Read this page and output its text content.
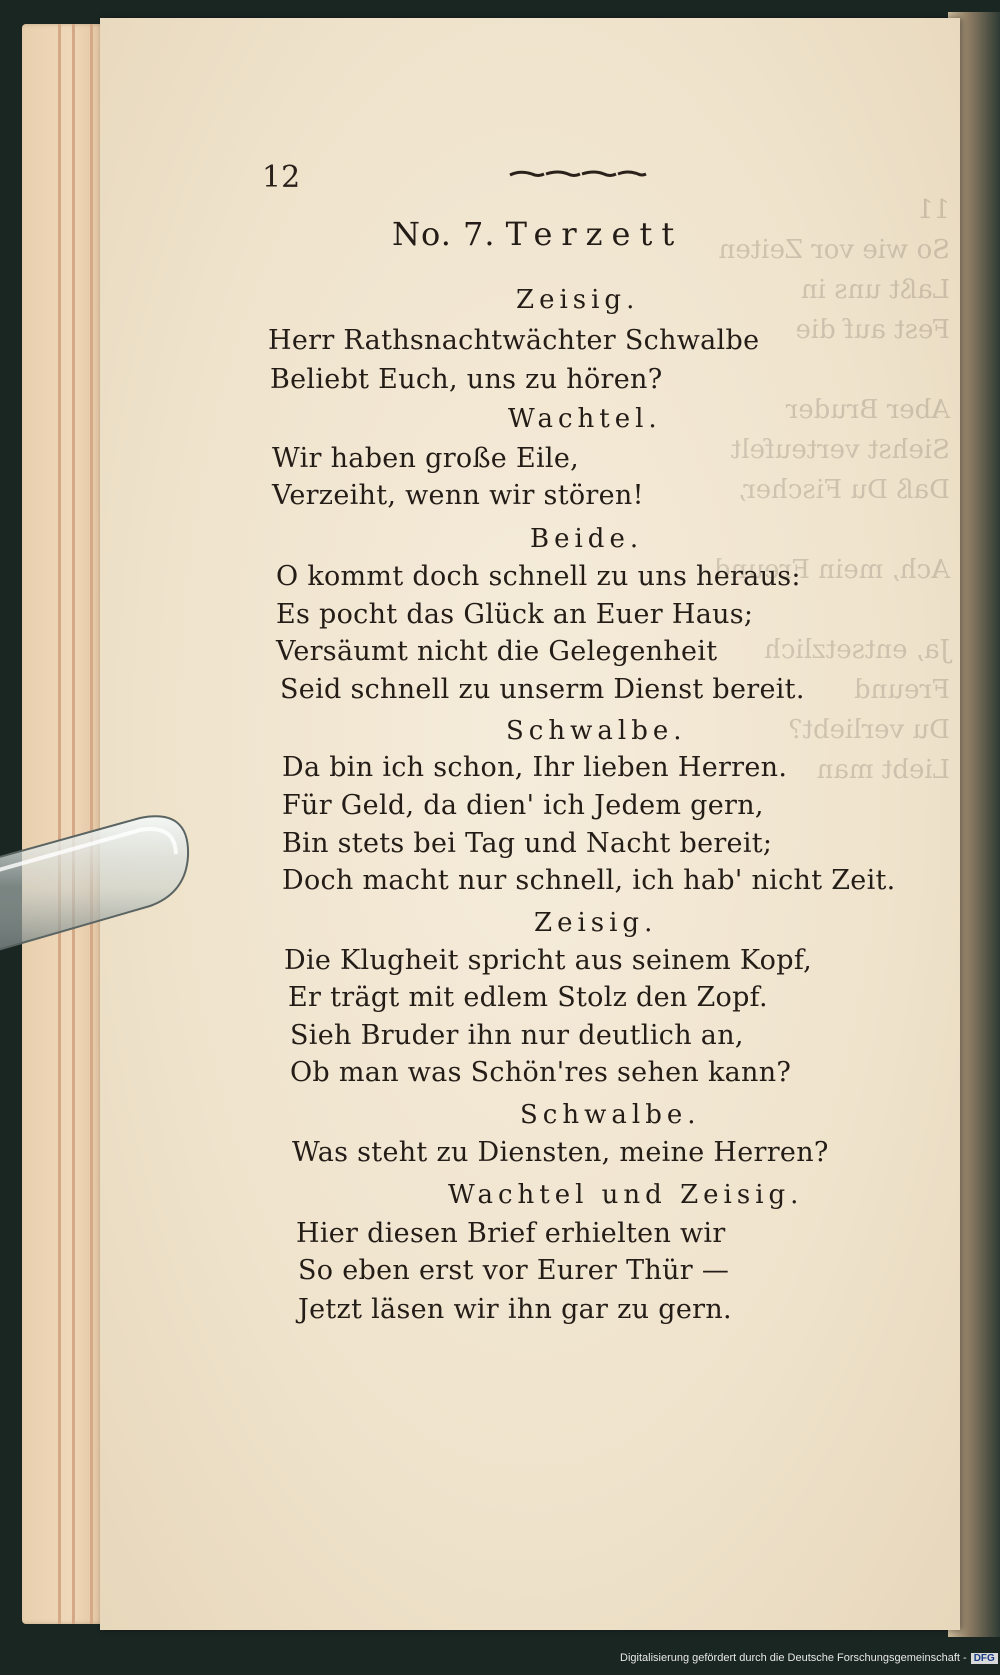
12
No. 7. Terzett
Zeisig.
Herr Rathsnachtwächter Schwalbe
Beliebt Euch, uns zu hören?
Wachtel.
Wir haben große Eile,
Verzeiht, wenn wir stören!
Beide.
O kommt doch schnell zu uns heraus:
Es pocht das Glück an Euer Haus;
Versäumt nicht die Gelegenheit
Seid schnell zu unserm Dienst bereit.
Schwalbe.
Da bin ich schon, Ihr lieben Herren.
Für Geld, da dien' ich Jedem gern,
Bin stets bei Tag und Nacht bereit;
Doch macht nur schnell, ich hab' nicht Zeit.
Zeisig.
Die Klugheit spricht aus seinem Kopf,
Er trägt mit edlem Stolz den Zopf.
Sieh Bruder ihn nur deutlich an,
Ob man was Schön'res sehen kann?
Schwalbe.
Was steht zu Diensten, meine Herren?
Wachtel und Zeisig.
Hier diesen Brief erhielten wir
So eben erst vor Eurer Thür —
Jetzt läsen wir ihn gar zu gern.
Digitalisierung gefördert durch die Deutsche Forschungsgemeinschaft - DFG
